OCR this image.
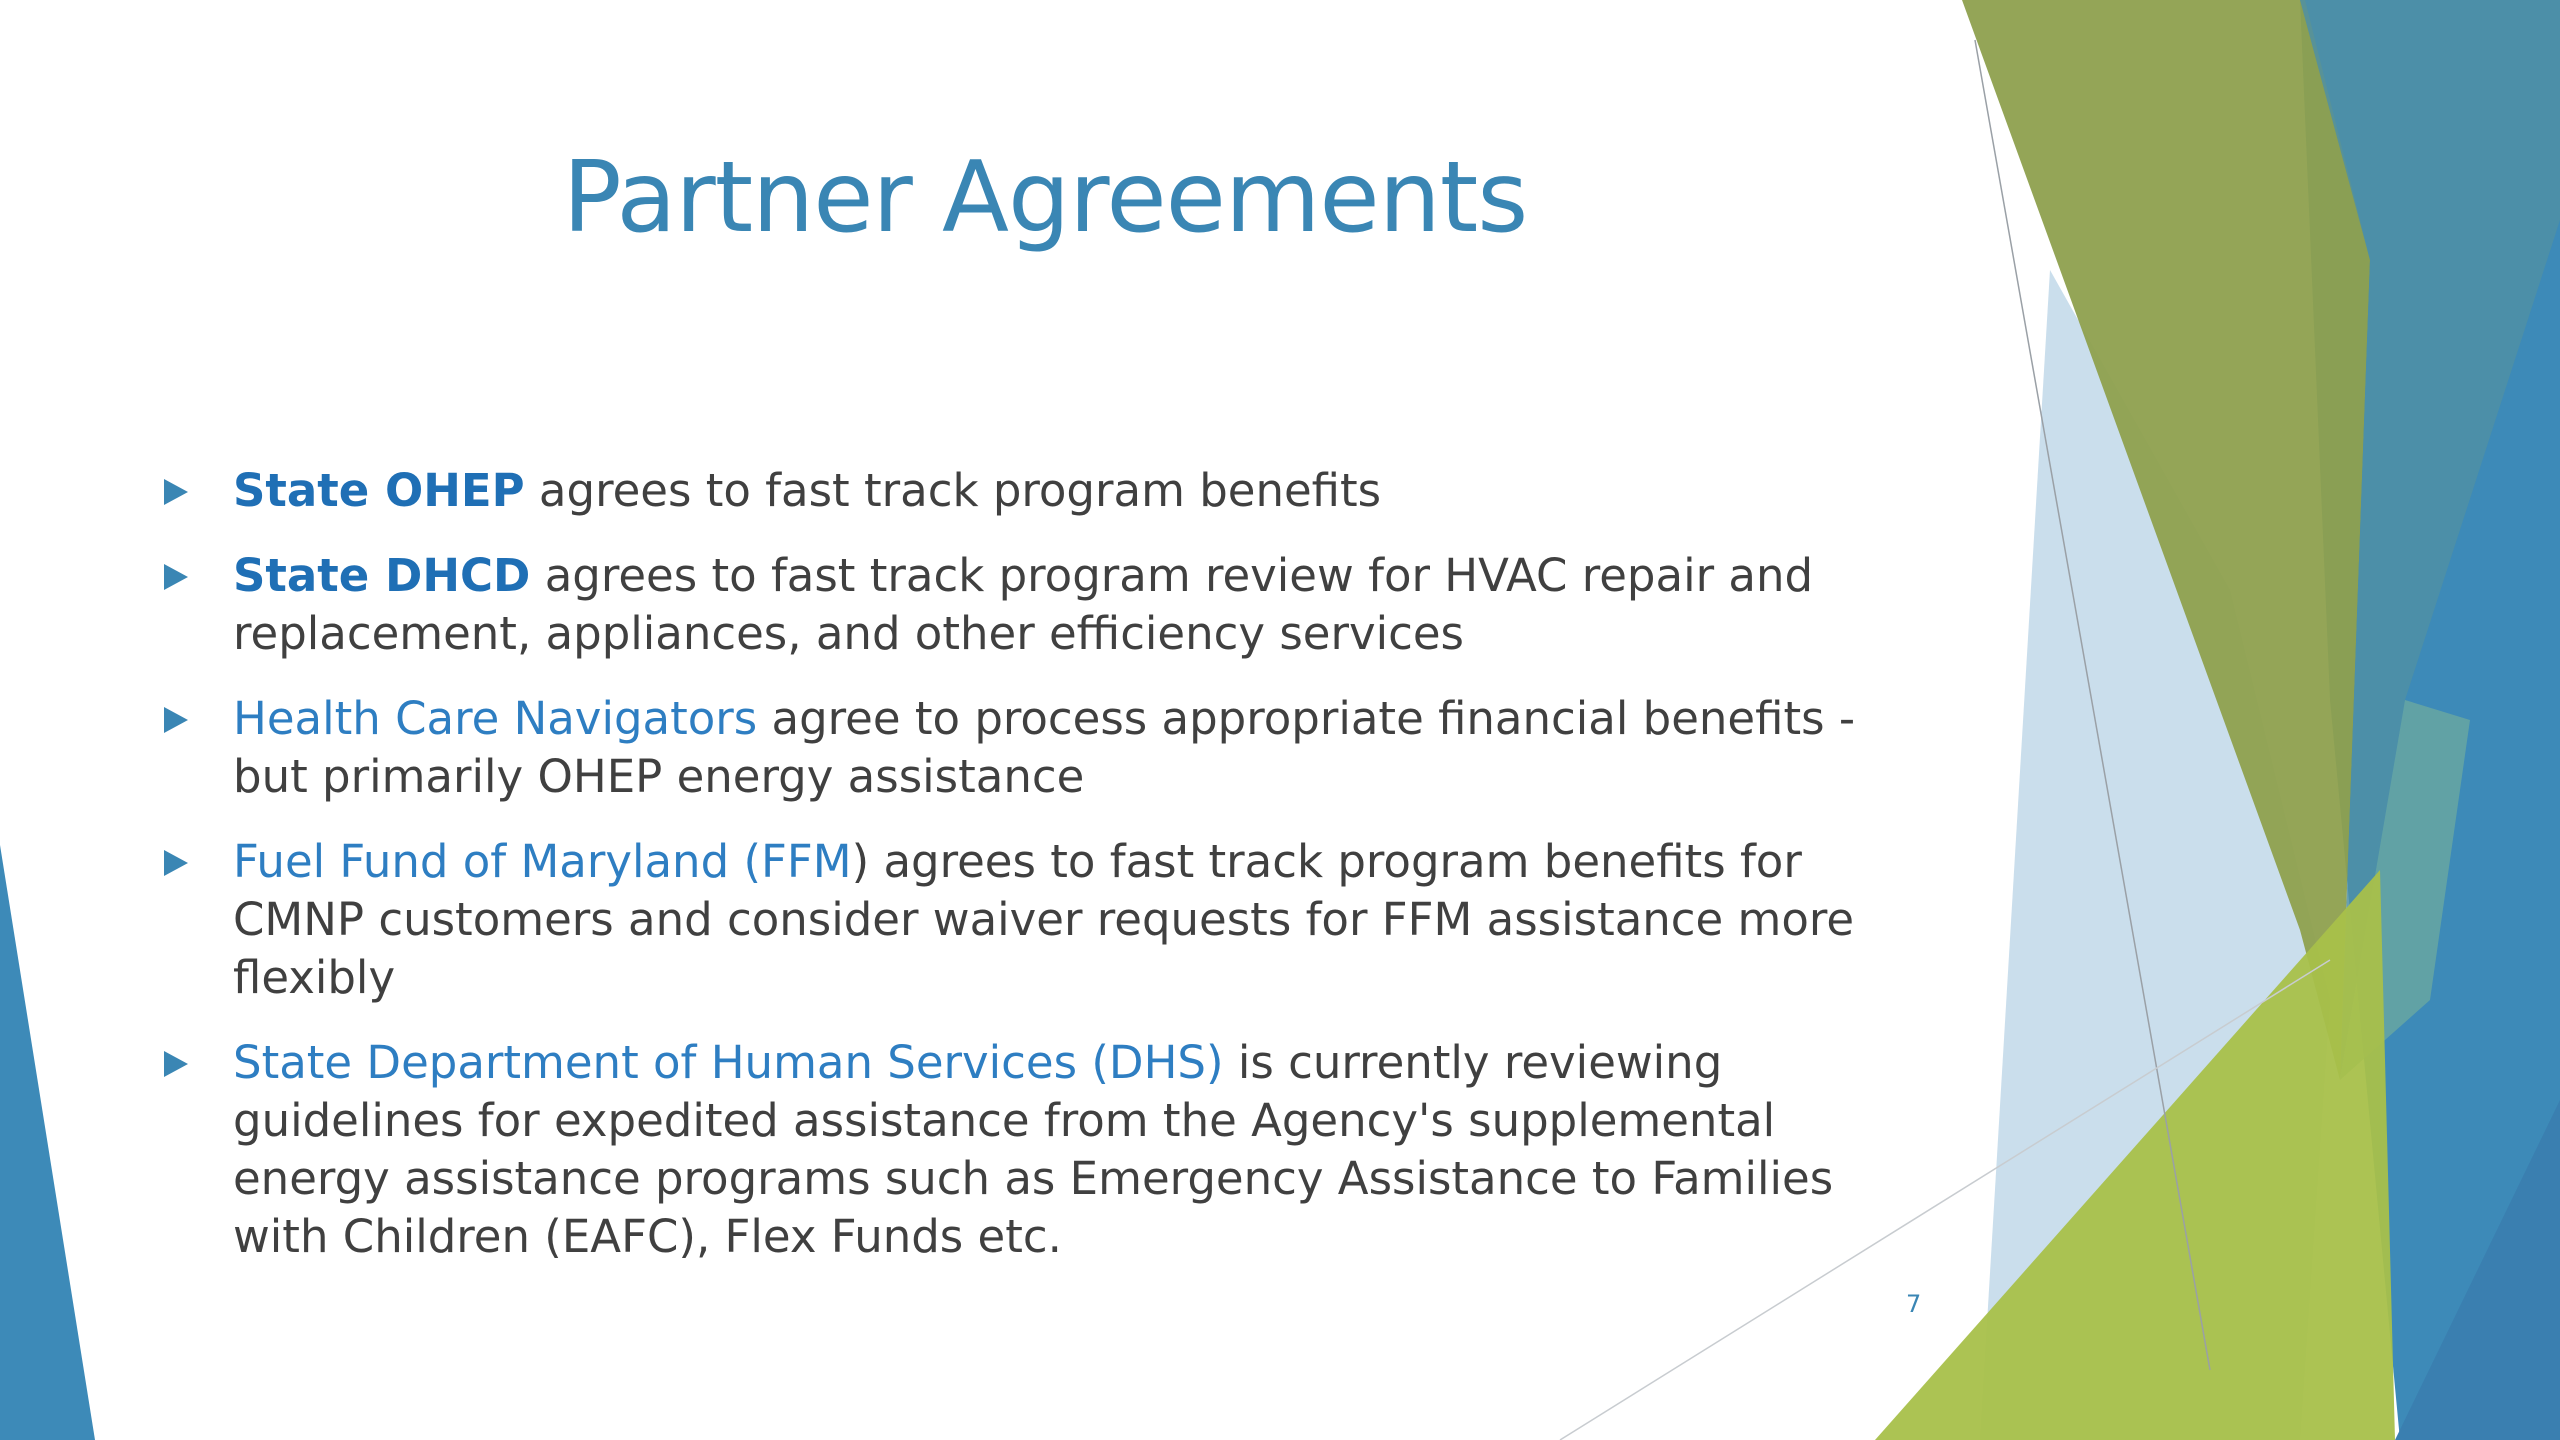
Partner Agreements
State OHEP agrees to fast track program benefits
State DHCD agrees to fast track program review for HVAC repair and replacement, appliances, and other efficiency services
Health Care Navigators agree to process appropriate financial benefits - but primarily OHEP energy assistance
Fuel Fund of Maryland (FFM) agrees to fast track program benefits for CMNP customers and consider waiver requests for FFM assistance more flexibly
State Department of Human Services (DHS) is currently reviewing guidelines for expedited assistance from the Agency's supplemental energy assistance programs such as Emergency Assistance to Families with Children (EAFC), Flex Funds etc.
7
